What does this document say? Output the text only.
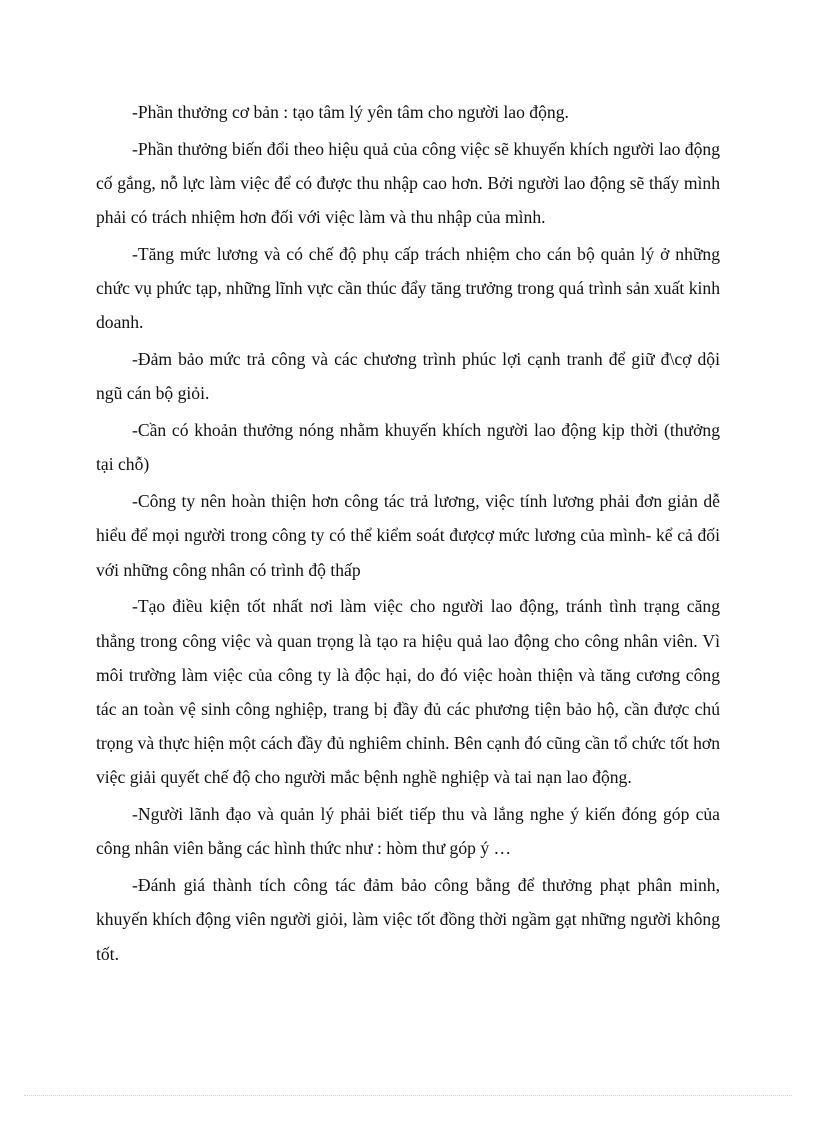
-Phần thưởng cơ bản : tạo tâm lý yên tâm cho người lao động.

-Phần thưởng biến đổi theo hiệu quả của công việc sẽ khuyến khích người lao động cố gắng, nỗ lực làm việc để có được thu nhập cao hơn. Bởi người lao động sẽ thấy mình phải có trách nhiệm hơn đối với việc làm và thu nhập của mình.

-Tăng mức lương và có chế độ phụ cấp trách nhiệm cho cán bộ quản lý ở những chức vụ phức tạp, những lĩnh vực cần thúc đẩy tăng trưởng trong quá trình sản xuất kinh doanh.

-Đảm bảo mức trả công và các chương trình phúc lợi cạnh tranh để giữ đ\cợ dội ngũ cán bộ giỏi.

-Cần có khoản thưởng nóng nhằm khuyến khích người lao động kịp thời (thưởng tại chỗ)

-Công ty nên hoàn thiện hơn công tác trả lương, việc tính lương phải đơn giản dễ hiểu để mọi người trong công ty có thể kiểm soát đượcợ mức lương của mình- kể cả đối với những công nhân có trình độ thấp

-Tạo điều kiện tốt nhất nơi làm việc cho người lao động, tránh tình trạng căng thẳng trong công việc và quan trọng là tạo ra hiệu quả lao động cho công nhân viên. Vì môi trường làm việc của công ty là độc hại, do đó việc hoàn thiện và tăng cương công tác an toàn vệ sinh công nghiệp, trang bị đầy đủ các phương tiện bảo hộ, cần được chú trọng và thực hiện một cách đầy đủ nghiêm chỉnh. Bên cạnh đó cũng cần tổ chức tốt hơn việc giải quyết chế độ cho người mắc bệnh nghề nghiệp và tai nạn lao động.

-Người lãnh đạo và quản lý phải biết tiếp thu và lắng nghe ý kiến đóng góp của công nhân viên bằng các hình thức như : hòm thư góp ý …

-Đánh giá thành tích công tác đảm bảo công bằng để thưởng phạt phân minh, khuyến khích động viên người giỏi, làm việc tốt đồng thời ngầm gạt những người không tốt.
